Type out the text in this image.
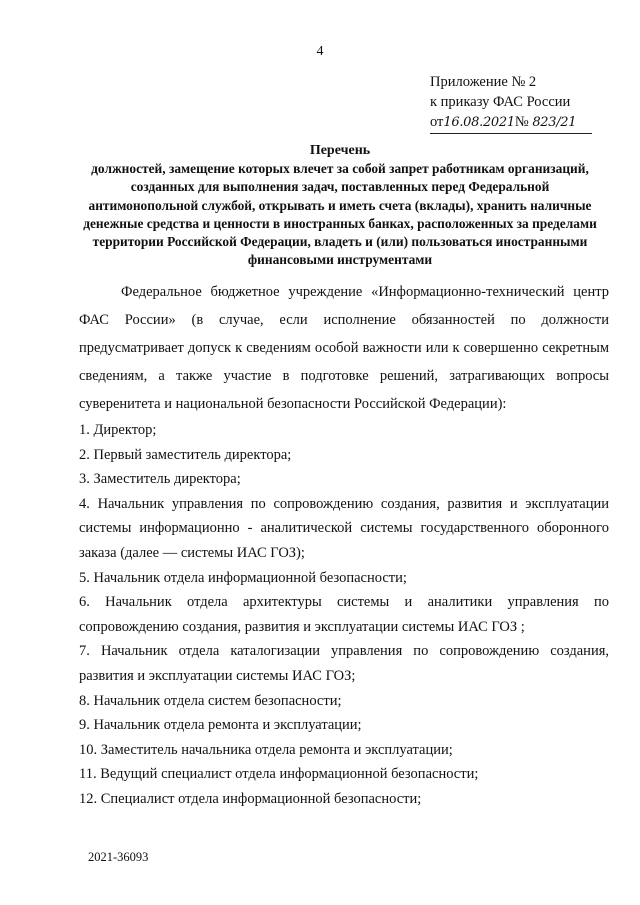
4
Приложение № 2
к приказу ФАС России
от16.08.2021№ 823/21
Перечень
должностей, замещение которых влечет за собой запрет работникам организаций, созданных для выполнения задач, поставленных перед Федеральной антимонопольной службой, открывать и иметь счета (вклады), хранить наличные денежные средства и ценности в иностранных банках, расположенных за пределами территории Российской Федерации, владеть и (или) пользоваться иностранными финансовыми инструментами

Федеральное бюджетное учреждение «Информационно-технический центр ФАС России» (в случае, если исполнение обязанностей по должности предусматривает допуск к сведениям особой важности или к совершенно секретным сведениям, а также участие в подготовке решений, затрагивающих вопросы суверенитета и национальной безопасности Российской Федерации):

1. Директор;
2. Первый заместитель директора;
3. Заместитель директора;
4. Начальник управления по сопровождению создания, развития и эксплуатации системы информационно - аналитической системы государственного оборонного заказа (далее — системы ИАС ГОЗ);
5. Начальник отдела информационной безопасности;
6. Начальник отдела архитектуры системы и аналитики управления по сопровождению создания, развития и эксплуатации системы ИАС ГОЗ ;
7. Начальник отдела каталогизации управления по сопровождению создания, развития и эксплуатации системы ИАС ГОЗ;
8. Начальник отдела систем безопасности;
9. Начальник отдела ремонта и эксплуатации;
10. Заместитель начальника отдела ремонта и эксплуатации;
11. Ведущий специалист отдела информационной безопасности;
12. Специалист отдела информационной безопасности;
2021-36093
